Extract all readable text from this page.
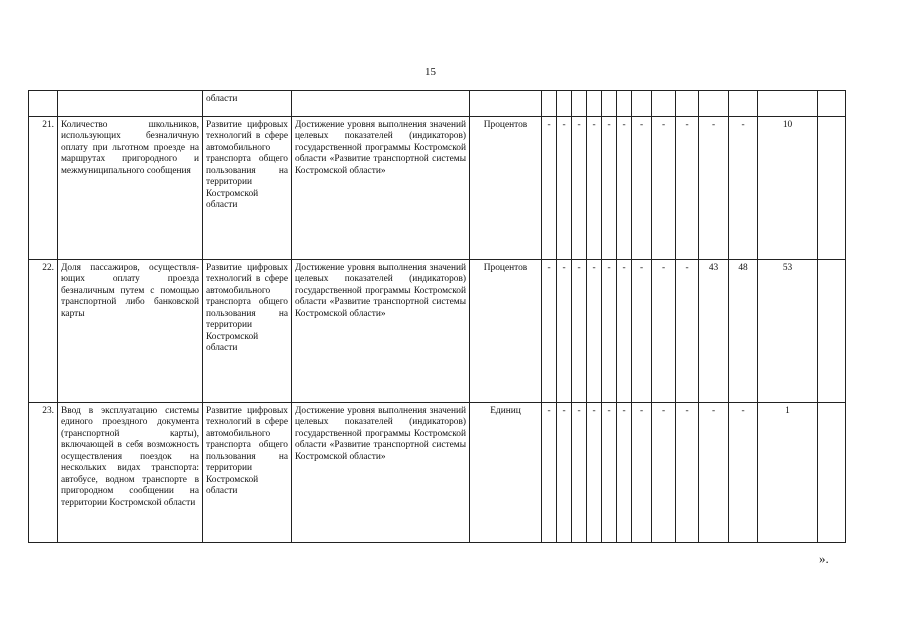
15
		области															
21.	Количество школьников, использующих безналичную оплату при льготном проезде на маршрутах пригородного и межмуниципального сообщения	Развитие цифровых технологий в сфере автомобильного транспорта общего пользования на территории Костромской области	Достижение уровня выполнения значений целевых показателей (индикаторов) государственной программы Костромской области «Развитие транспортной системы Костромской области»	Процентов	-	-	-	-	-	-	-	-	-	-	-	10	
22.	Доля пассажиров, осуществля-ющих оплату проезда безналичным путем с помощью транспортной либо банковской карты	Развитие цифровых технологий в сфере автомобильного транспорта общего пользования на территории Костромской области	Достижение уровня выполнения значений целевых показателей (индикаторов) государственной программы Костромской области «Развитие транспортной системы Костромской области»	Процентов	-	-	-	-	-	-	-	-	-	43	48	53	
23.	Ввод в эксплуатацию системы единого проездного документа (транспортной карты), включающей в себя возможность осуществления поездок на нескольких видах транспорта: автобусе, водном транспорте в пригородном сообщении на территории Костромской области	Развитие цифровых технологий в сфере автомобильного транспорта общего пользования на территории Костромской области	Достижение уровня выполнения значений целевых показателей (индикаторов) государственной программы Костромской области «Развитие транспортной системы Костромской области»	Единиц	-	-	-	-	-	-	-	-	-	-	-	1	
».
